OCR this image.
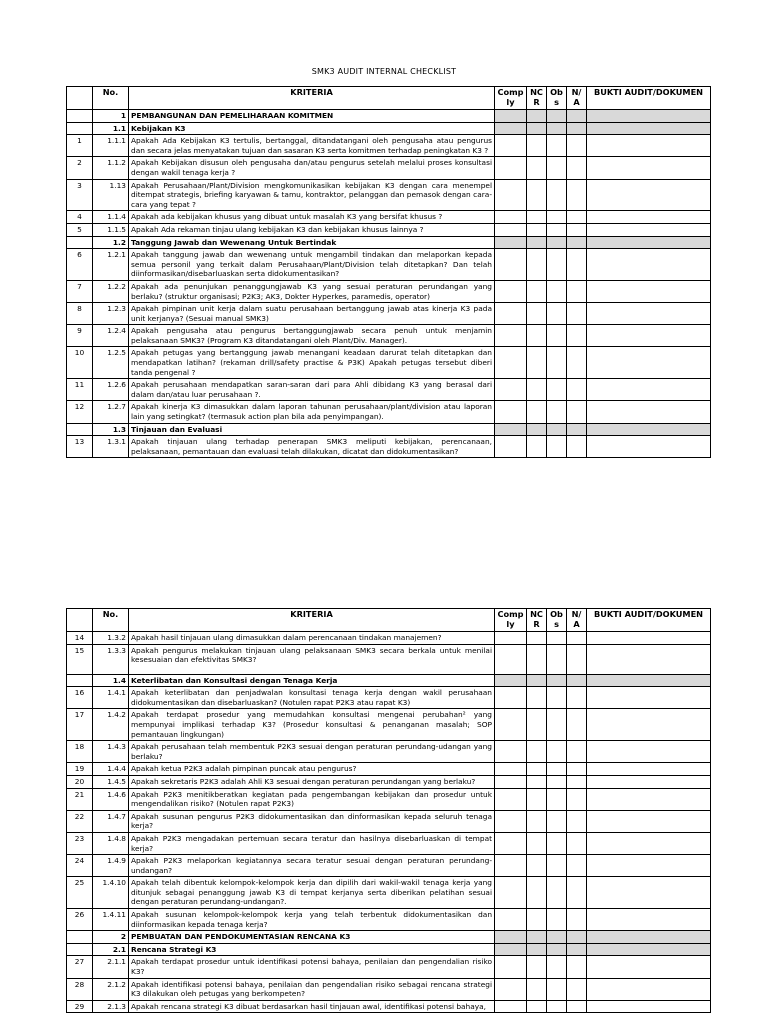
SMK3 AUDIT INTERNAL CHECKLIST
	No.	KRITERIA	Comply	NCR	Obs	N/A	BUKTI AUDIT/DOKUMEN
	1	PEMBANGUNAN DAN PEMELIHARAAN KOMITMEN					
	1.1	Kebijakan K3					
1	1.1.1	Apakah Ada Kebijakan K3 tertulis, bertanggal, ditandatangani oleh pengusaha atau pengurus dan secara jelas menyatakan tujuan dan sasaran K3 serta komitmen terhadap peningkatan K3 ?					
2	1.1.2	Apakah Kebijakan disusun oleh pengusaha dan/atau pengurus setelah melalui proses konsultasi dengan wakil tenaga kerja ?					
3	1.13	Apakah Perusahaan/Plant/Division mengkomunikasikan kebijakan K3 dengan cara menempel ditempat strategis, briefing karyawan & tamu, kontraktor, pelanggan dan pemasok dengan cara-cara yang tepat ?					
4	1.1.4	Apakah ada kebijakan khusus yang dibuat untuk masalah K3 yang bersifat khusus ?					
5	1.1.5	Apakah Ada rekaman tinjau ulang kebijakan K3 dan kebijakan khusus lainnya ?					
	1.2	Tanggung Jawab dan Wewenang Untuk Bertindak					
6	1.2.1	Apakah tanggung jawab dan wewenang untuk mengambil tindakan dan melaporkan kepada semua personil yang terkait dalam Perusahaan/Plant/Division telah ditetapkan? Dan telah diinformasikan/disebarluaskan serta didokumentasikan?					
7	1.2.2	Apakah ada penunjukan penanggungjawab K3 yang sesuai peraturan perundangan yang berlaku? (struktur organisasi; P2K3; AK3, Dokter Hyperkes, paramedis, operator)					
8	1.2.3	Apakah pimpinan unit kerja dalam suatu perusahaan bertanggung jawab atas kinerja K3 pada unit kerjanya? (Sesuai manual SMK3)					
9	1.2.4	Apakah pengusaha atau pengurus bertanggungjawab secara penuh untuk menjamin pelaksanaan SMK3? (Program K3 ditandatangani oleh Plant/Div. Manager).					
10	1.2.5	Apakah petugas yang bertanggung jawab menangani keadaan darurat telah ditetapkan dan mendapatkan latihan? (rekaman drill/safety practise & P3K) Apakah petugas tersebut diberi tanda pengenal ?					
11	1.2.6	Apakah perusahaan mendapatkan saran-saran dari para Ahli dibidang K3 yang berasal dari dalam dan/atau luar perusahaan ?.					
12	1.2.7	Apakah kinerja K3 dimasukkan dalam laporan tahunan perusahaan/plant/division atau laporan lain yang setingkat? (termasuk action plan bila ada penyimpangan).					
	1.3	Tinjauan dan Evaluasi					
13	1.3.1	Apakah tinjauan ulang terhadap penerapan SMK3 meliputi kebijakan, perencanaan, pelaksanaan, pemantauan dan evaluasi telah dilakukan, dicatat dan didokumentasikan?					
	No.	KRITERIA	Comply	NCR	Obs	N/A	BUKTI AUDIT/DOKUMEN
14	1.3.2	Apakah hasil tinjauan ulang dimasukkan dalam perencanaan tindakan manajemen?					
15	1.3.3	Apakah pengurus melakukan tinjauan ulang pelaksanaan SMK3 secara berkala untuk menilai kesesuaian dan efektivitas SMK3?					
	1.4	Keterlibatan dan Konsultasi dengan Tenaga Kerja					
16	1.4.1	Apakah keterlibatan dan penjadwalan konsultasi tenaga kerja dengan wakil perusahaan didokumentasikan dan disebarluaskan? (Notulen rapat P2K3 atau rapat K3)					
17	1.4.2	Apakah terdapat prosedur yang memudahkan konsultasi mengenai perubahan² yang mempunyai implikasi terhadap K3? (Prosedur konsultasi & penanganan masalah; SOP pemantauan lingkungan)					
18	1.4.3	Apakah perusahaan telah membentuk P2K3 sesuai dengan peraturan perundang-udangan yang berlaku?					
19	1.4.4	Apakah ketua P2K3 adalah pimpinan puncak atau pengurus?					
20	1.4.5	Apakah sekretaris P2K3 adalah Ahli K3 sesuai dengan peraturan perundangan yang berlaku?					
21	1.4.6	Apakah P2K3 menitikberatkan kegiatan pada pengembangan kebijakan dan prosedur untuk mengendalikan risiko? (Notulen rapat P2K3)					
22	1.4.7	Apakah susunan pengurus P2K3 didokumentasikan dan dinformasikan kepada seluruh tenaga kerja?					
23	1.4.8	Apakah P2K3 mengadakan pertemuan secara teratur dan hasilnya disebarluaskan di tempat kerja?					
24	1.4.9	Apakah P2K3 melaporkan kegiatannya secara teratur sesuai dengan peraturan perundang-undangan?					
25	1.4.10	Apakah telah dibentuk kelompok-kelompok kerja dan dipilih dari wakil-wakil tenaga kerja yang ditunjuk sebagai penanggung jawab K3 di tempat kerjanya serta diberikan pelatihan sesuai dengan peraturan perundang-undangan?.					
26	1.4.11	Apakah susunan kelompok-kelompok kerja yang telah terbentuk didokumentasikan dan diinformasikan kepada tenaga kerja?					
	2	PEMBUATAN DAN PENDOKUMENTASIAN RENCANA K3					
	2.1	Rencana Strategi K3					
27	2.1.1	Apakah terdapat prosedur untuk identifikasi potensi bahaya, penilaian dan pengendalian risiko K3?					
28	2.1.2	Apakah identifikasi potensi bahaya, penilaian dan pengendalian risiko sebagai rencana strategi K3 dilakukan oleh petugas yang berkompeten?					
29	2.1.3	Apakah rencana strategi K3 dibuat berdasarkan hasil tinjauan awal, identifikasi potensi bahaya,					
